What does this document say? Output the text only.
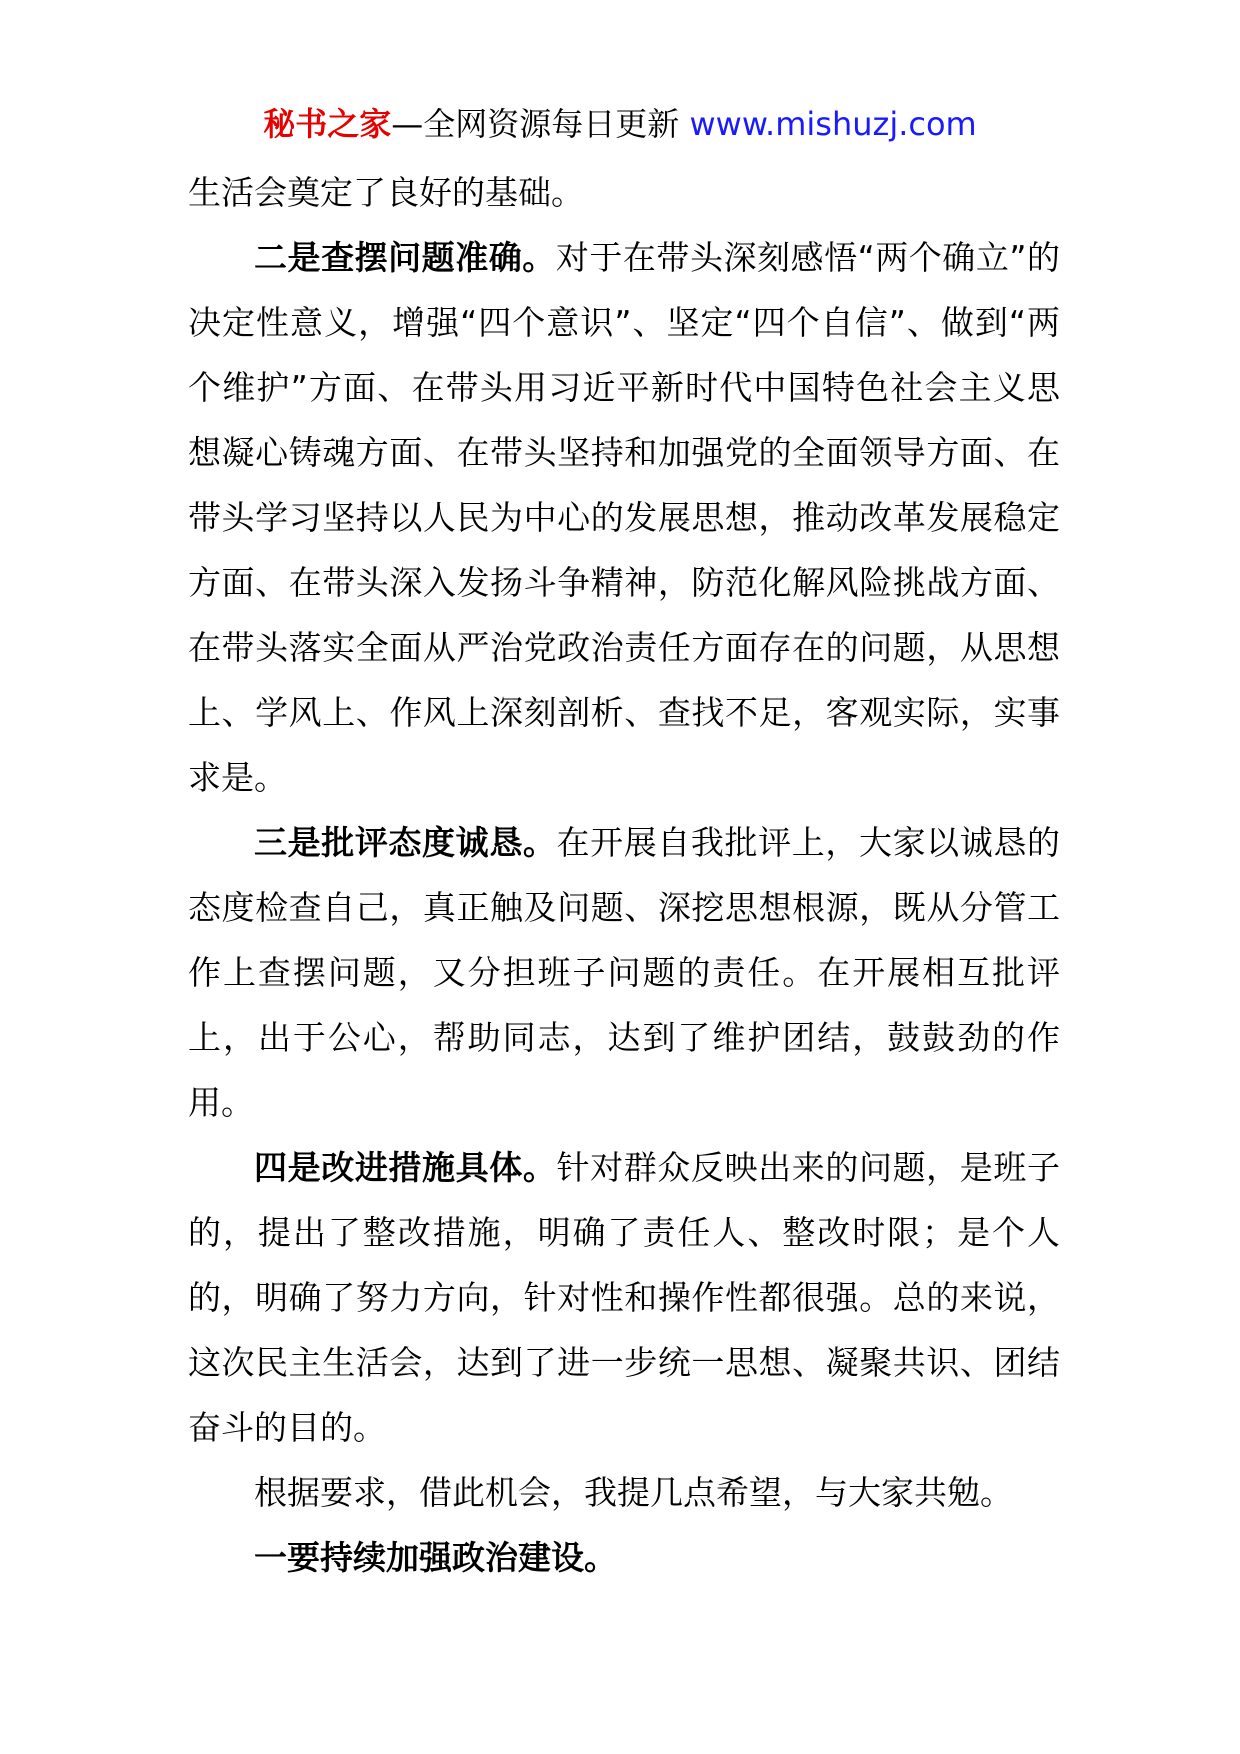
秘书之家—全网资源每日更新 www.mishuzj.com

生活会奠定了良好的基础。

二是查摆问题准确。对于在带头深刻感悟“两个确立”的决定性意义，增强“四个意识”、坚定“四个自信”、做到“两个维护”方面、在带头用习近平新时代中国特色社会主义思想凝心铸魂方面、在带头坚持和加强党的全面领导方面、在带头学习坚持以人民为中心的发展思想，推动改革发展稳定方面、在带头深入发扬斗争精神，防范化解风险挑战方面、在带头落实全面从严治党政治责任方面存在的问题，从思想上、学风上、作风上深刻剖析、查找不足，客观实际，实事求是。

三是批评态度诚恳。在开展自我批评上，大家以诚恳的态度检查自己，真正触及问题、深挖思想根源，既从分管工作上查摆问题，又分担班子问题的责任。在开展相互批评上，出于公心，帮助同志，达到了维护团结，鼓鼓劲的作用。

四是改进措施具体。针对群众反映出来的问题，是班子的，提出了整改措施，明确了责任人、整改时限；是个人的，明确了努力方向，针对性和操作性都很强。总的来说，这次民主生活会，达到了进一步统一思想、凝聚共识、团结奋斗的目的。

根据要求，借此机会，我提几点希望，与大家共勉。

一要持续加强政治建设。
